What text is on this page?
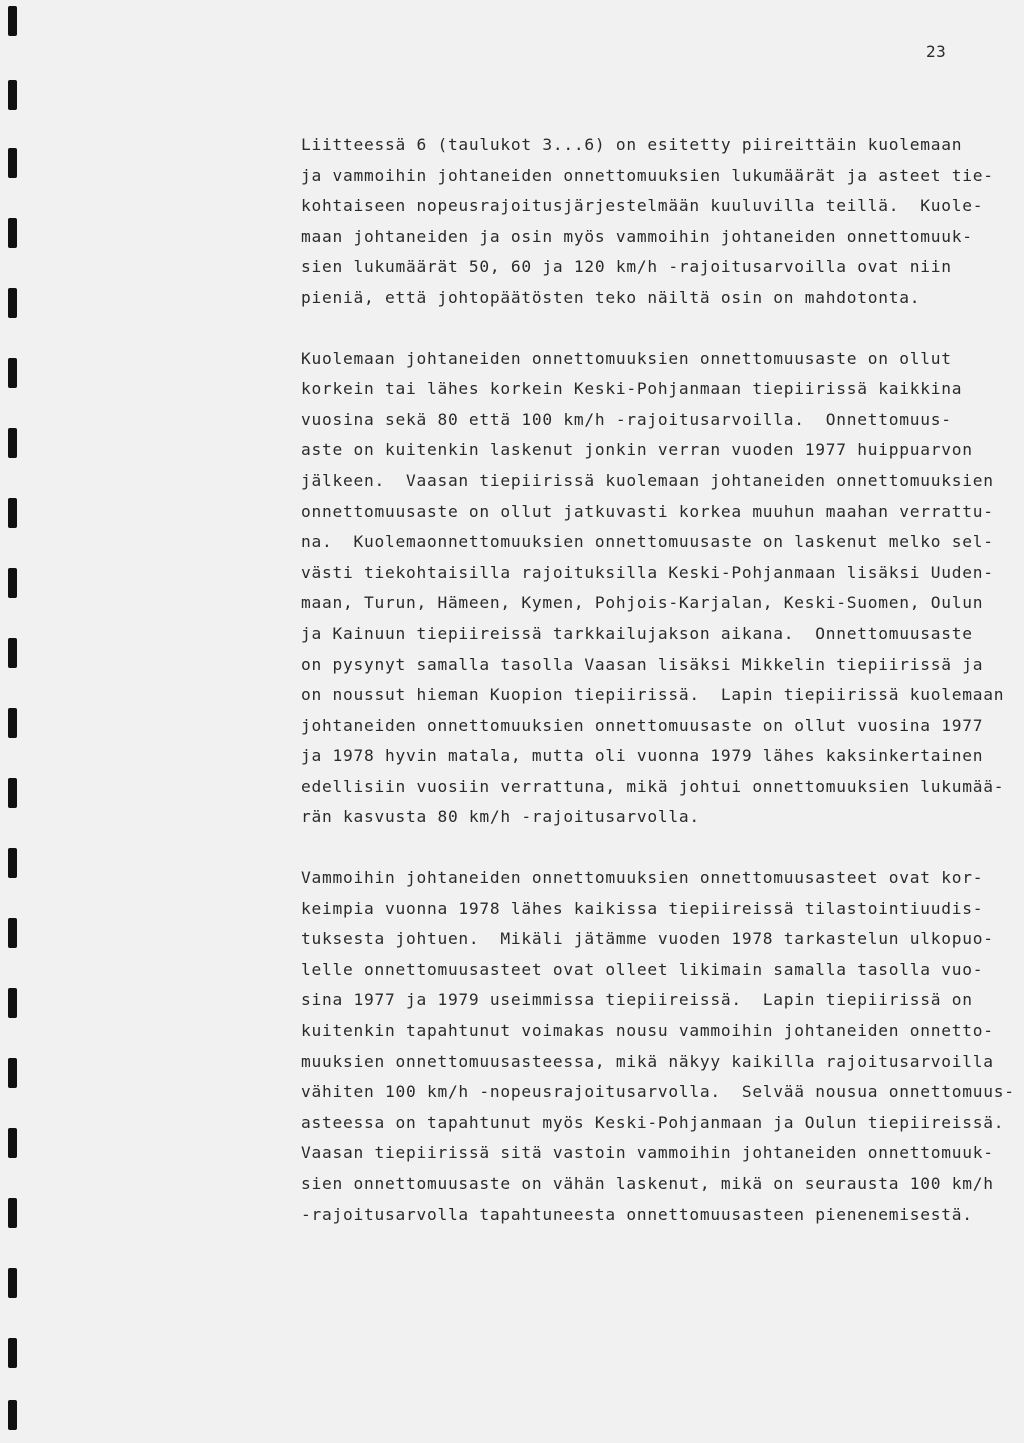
23
Liitteessä 6 (taulukot 3...6) on esitetty piireittäin kuolemaan
ja vammoihin johtaneiden onnettomuuksien lukumäärät ja asteet tie-
kohtaiseen nopeusrajoitusjärjestelmään kuuluvilla teillä.  Kuole-
maan johtaneiden ja osin myös vammoihin johtaneiden onnettomuuk-
sien lukumäärät 50, 60 ja 120 km/h -rajoitusarvoilla ovat niin
pieniä, että johtopäätösten teko näiltä osin on mahdotonta.
Kuolemaan johtaneiden onnettomuuksien onnettomuusaste on ollut
korkein tai lähes korkein Keski-Pohjanmaan tiepiirissä kaikkina
vuosina sekä 80 että 100 km/h -rajoitusarvoilla.  Onnettomuus-
aste on kuitenkin laskenut jonkin verran vuoden 1977 huippuarvon
jälkeen.  Vaasan tiepiirissä kuolemaan johtaneiden onnettomuuksien
onnettomuusaste on ollut jatkuvasti korkea muuhun maahan verrattu-
na.  Kuolemaonnettomuuksien onnettomuusaste on laskenut melko sel-
västi tiekohtaisilla rajoituksilla Keski-Pohjanmaan lisäksi Uuden-
maan, Turun, Hämeen, Kymen, Pohjois-Karjalan, Keski-Suomen, Oulun
ja Kainuun tiepiireissä tarkkailujakson aikana.  Onnettomuusaste
on pysynyt samalla tasolla Vaasan lisäksi Mikkelin tiepiirissä ja
on noussut hieman Kuopion tiepiirissä.  Lapin tiepiirissä kuolemaan
johtaneiden onnettomuuksien onnettomuusaste on ollut vuosina 1977
ja 1978 hyvin matala, mutta oli vuonna 1979 lähes kaksinkertainen
edellisiin vuosiin verrattuna, mikä johtui onnettomuuksien lukumää-
rän kasvusta 80 km/h -rajoitusarvolla.
Vammoihin johtaneiden onnettomuuksien onnettomuusasteet ovat kor-
keimpia vuonna 1978 lähes kaikissa tiepiireissä tilastointiuudis-
tuksesta johtuen.  Mikäli jätämme vuoden 1978 tarkastelun ulkopuo-
lelle onnettomuusasteet ovat olleet likimain samalla tasolla vuo-
sina 1977 ja 1979 useimmissa tiepiireissä.  Lapin tiepiirissä on
kuitenkin tapahtunut voimakas nousu vammoihin johtaneiden onnetto-
muuksien onnettomuusasteessa, mikä näkyy kaikilla rajoitusarvoilla
vähiten 100 km/h -nopeusrajoitusarvolla.  Selvää nousua onnettomuus-
asteessa on tapahtunut myös Keski-Pohjanmaan ja Oulun tiepiireissä.
Vaasan tiepiirissä sitä vastoin vammoihin johtaneiden onnettomuuk-
sien onnettomuusaste on vähän laskenut, mikä on seurausta 100 km/h
-rajoitusarvolla tapahtuneesta onnettomuusasteen pienenemisestä.
